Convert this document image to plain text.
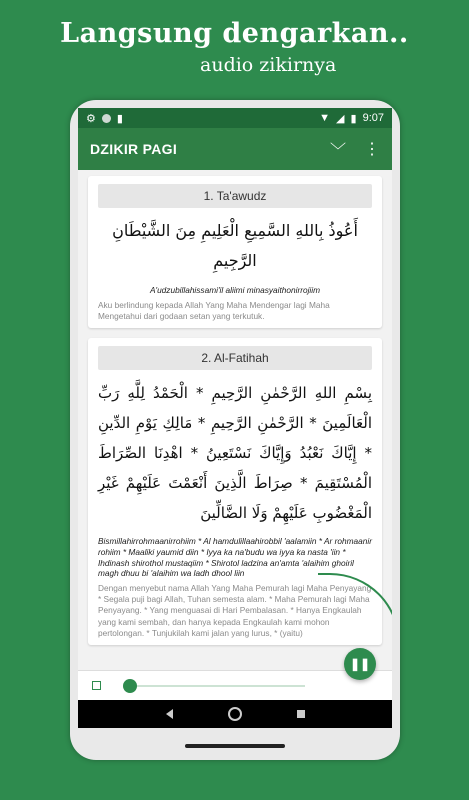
Langsung dengarkan..
audio zikirnya
⚙ ▮	▼ ◢ ▮ 9:07
DZIKIR PAGI	﹀ ⋮
1. Ta'awudz
أَعُوذُ بِاللهِ السَّمِيعِ الْعَلِيمِ مِنَ الشَّيْطَانِ الرَّجِيمِ
A'udzubillahissami'il aliimi minasyaithonirrojiim
Aku berlindung kepada Allah Yang Maha Mendengar lagi Maha Mengetahui dari godaan setan yang terkutuk.
2. Al-Fatihah
بِسْمِ اللهِ الرَّحْمٰنِ الرَّحِيمِ * الْحَمْدُ لِلَّهِ رَبِّ الْعَالَمِينَ * الرَّحْمٰنِ الرَّحِيمِ * مَالِكِ يَوْمِ الدِّينِ * إِيَّاكَ نَعْبُدُ وَإِيَّاكَ نَسْتَعِينُ * اهْدِنَا الصِّرَاطَ الْمُسْتَقِيمَ * صِرَاطَ الَّذِينَ أَنْعَمْتَ عَلَيْهِمْ غَيْرِ الْمَغْضُوبِ عَلَيْهِمْ وَلَا الضَّالِّينَ
Bismillahirrohmaanirrohiim * Al hamdulillaahirobbil 'aalamiin * Ar rohmaanir rohiim * Maaliki yaumid diin * Iyya ka na'budu wa iyya ka nasta 'iin * Ihdinash shirothol mustaqiim * Shirotol ladzina an'amta 'alaihim ghoiril magh dhuu bi 'alaihim wa ladh dhool liin
Dengan menyebut nama Allah Yang Maha Pemurah lagi Maha Penyayang * Segala puji bagi Allah, Tuhan semesta alam. * Maha Pemurah lagi Maha Penyayang. * Yang menguasai di Hari Pembalasan. * Hanya Engkaulah yang kami sembah, dan hanya kepada Engkaulah kami mohon pertolongan. * Tunjukilah kami jalan yang lurus, * (yaitu)
❚❚
